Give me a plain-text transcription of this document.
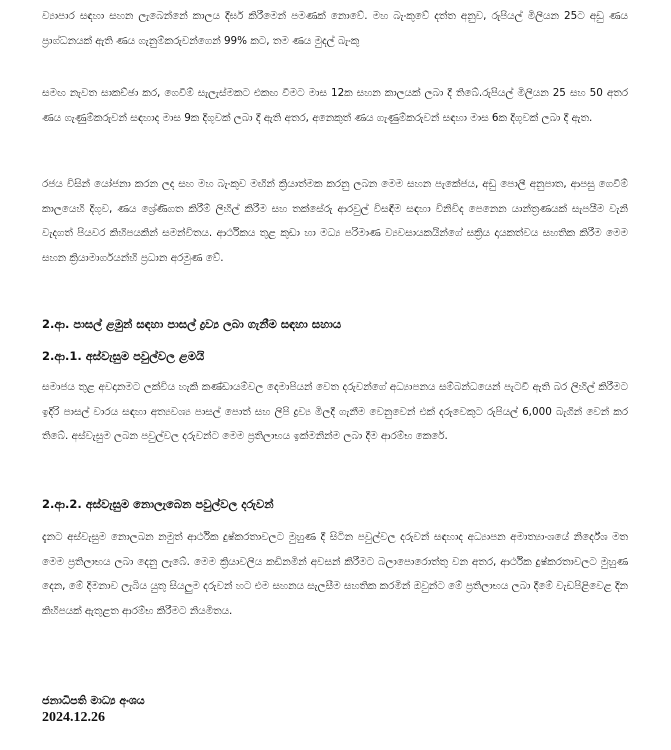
ව්‍යාපාර සඳහා සහන ලැබෙන්නේ කාලය දීර්ඝ කිරීමෙන් පමණක් නොවේ. මහ බැංකුවේ දත්ත අනුව, රුපියල් මිලියන 25ට අඩු ණය ප්‍රාග්ධනයක් ඇති ණය ගැනුම්කරුවන්ගෙන් 99% කට, තම ණය මුදල් බැංකු

සමඟ නැවත සාකච්ඡා කර, ගෙවීම් සැලැස්මකට එකඟ වීමට මාස 12ක සහන කාලයක් ලබා දී තිබේ.රුපියල් මිලියන 25 සහ 50 අතර ණය ගැණුම්කරුවන් සඳහාද මාස 9ක දිගුවක් ලබා දී ඇති අතර, අනෙකුත් ණය ගැණුම්කරුවන් සඳහා මාස 6ක දිගුවක් ලබා දී ඇත.

රජය විසින් යෝජනා කරන ලද සහ මහ බැංකුව මඟින් ක්‍රියාත්මක කරනු ලබන මෙම සහන පැකේජය, අඩු පොලී අනුපාත, ආපසු ගෙවීම් කාලයෙහි දිගුව, ණය ශ්‍රේණිගත කිරීම් ලිහිල් කිරීම සහ තක්සේරු ආරවුල් විසඳීම සඳහා විනිවිද පෙනෙන යාන්ත්‍රණයක් සැපයීම වැනි වැදගත් පියවර කිහිපයකින් සමන්විතය. ආර්ථිකය තුළ කුඩා හා මධ්‍ය පරිමාණ ව්‍යවසායකයින්ගේ සක්‍රිය දායකත්වය සහතික කිරීම මෙම සහන ක්‍රියාමාර්ගයන්හි ප්‍රධාන අරමුණ වේ.

2.ආ. පාසල් ළමුන් සඳහා පාසල් ද්‍රව්‍ය ලබා ගැනීම සඳහා සහාය

2.ආ.1. අස්වැසුම පවුල්වල ළමයි

සමාජය තුළ අවදානමට ලක්විය හැකි කණ්ඩායම්වල දෙමාපියන් වෙත දරුවන්ගේ අධ්‍යාපනය සම්බන්ධයෙන් පැටවී ඇති බර ලිහිල් කිරීමට ඉදිරි පාසල් වාරය සඳහා අත්‍යවශ්‍ය පාසල් පොත් සහ ලිපි ද්‍රව්‍ය මිලදී ගැනීම වෙනුවෙන් එක් දරුවෙකුට රුපියල් 6,000 බැගින් වෙන් කර තිබේ. අස්වැසුම ලබන පවුල්වල දරුවන්ට මෙම ප්‍රතිලාභය ඉක්මනින්ම ලබා දීම ආරම්භ කෙරේ.

2.ආ.2. අස්වැසුම නොලැබෙන පවුල්වල දරුවන්

දැනට අස්වැසුම නොලබන නමුත් ආර්ථික දුෂ්කරතාවලට මුහුණ දී සිටින පවුල්වල දරුවන් සඳහාද අධ්‍යාපන අමාත්‍යාංශයේ නිර්දේශ මත මෙම ප්‍රතිලාභය ලබා දෙනු ලැබේ. මෙම ක්‍රියාවලිය කඩිනමින් අවසන් කිරීමට බලාපොරොත්තු වන අතර, ආර්ථික දුෂ්කරතාවලට මුහුණ දෙන, මේ දිමනාව ලැබිය යුතු සියලුම දරුවන් හට එම සහනය සැලසීම සහතික කරමින් ඔවුන්ට මේ ප්‍රතිලාභය ලබා දීමේ වැඩපිළිවෙළ දින කිහිපයක් ඇතුළත ආරම්භ කිරීමට නියමිතය.

ජනාධිපති මාධ්‍ය අංශය

2024.12.26
